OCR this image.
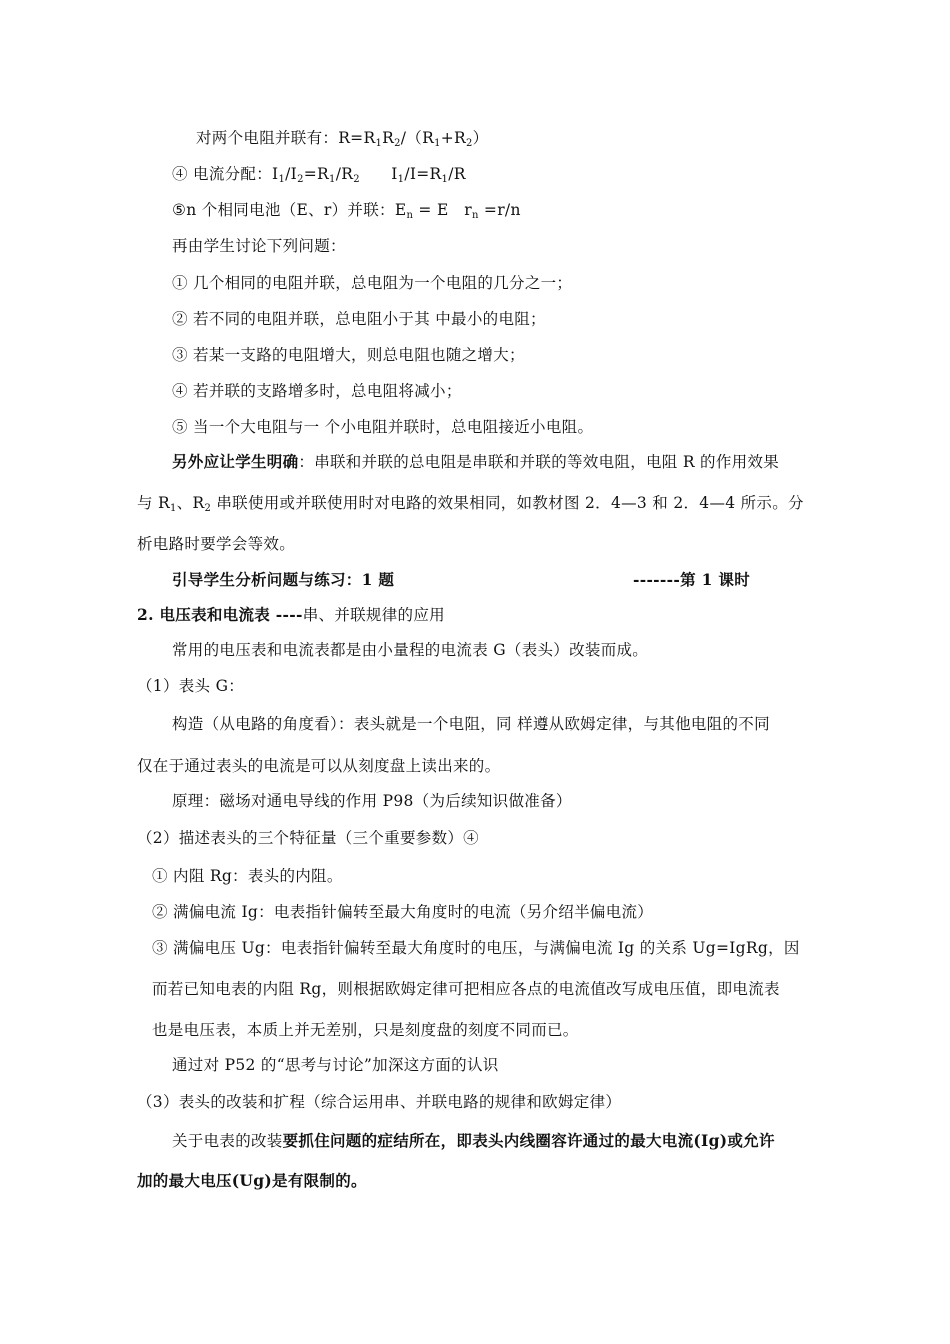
对两个电阻并联有：$R=R_1R_2/(R_1+R_2)$
④ 电流分配：$I_1/I_2=R_1/R_2$      $I_1/I=R_1/R$
⑤n 个相同电池（E、r）并联：$E_n = E$   $r_n =r/n$
再由学生讨论下列问题：
① 几个相同的电阻并联，总电阻为一个电阻的几分之一；
② 若不同的电阻并联，总电阻小于其 中最小的电阻；
③ 若某一支路的电阻增大，则总电阻也随之增大；
④ 若并联的支路增多时，总电阻将减小；
⑤ 当一个大电阻与一 个小电阻并联时，总电阻接近小电阻。
另外应让学生明确：串联和并联的总电阻是串联和并联的等效电阻，电阻 R 的作用效果
与 $R_1$、$R_2$ 串联使用或并联使用时对电路的效果相同，如教材图 2．4—3 和 2．4—4 所示。分
析电路时要学会等效。
引导学生分析问题与练习：1 题	-------第 1 课时
2. 电压表和电流表 ----串、并联规律的应用
常用的电压表和电流表都是由小量程的电流表 G（表头）改装而成。
（1）表头 G：
构造（从电路的角度看）：表头就是一个电阻，同 样遵从欧姆定律，与其他电阻的不同
仅在于通过表头的电流是可以从刻度盘上读出来的。
原理：磁场对通电导线的作用 P98（为后续知识做准备）
（2）描述表头的三个特征量（三个重要参数）④
① 内阻 Rg：表头的内阻。
② 满偏电流 Ig：电表指针偏转至最大角度时的电流（另介绍半偏电流）
③ 满偏电压 Ug：电表指针偏转至最大角度时的电压，与满偏电流 Ig 的关系 Ug=IgRg，因
而若已知电表的内阻 Rg，则根据欧姆定律可把相应各点的电流值改写成电压值，即电流表
也是电压表，本质上并无差别，只是刻度盘的刻度不同而已。
通过对 P52 的“思考与讨论”加深这方面的认识
（3）表头的改装和扩程（综合运用串、并联电路的规律和欧姆定律）
关于电表的改装要抓住问题的症结所在，即表头内线圈容许通过的最大电流(Ig)或允许
加的最大电压(Ug)是有限制的。
